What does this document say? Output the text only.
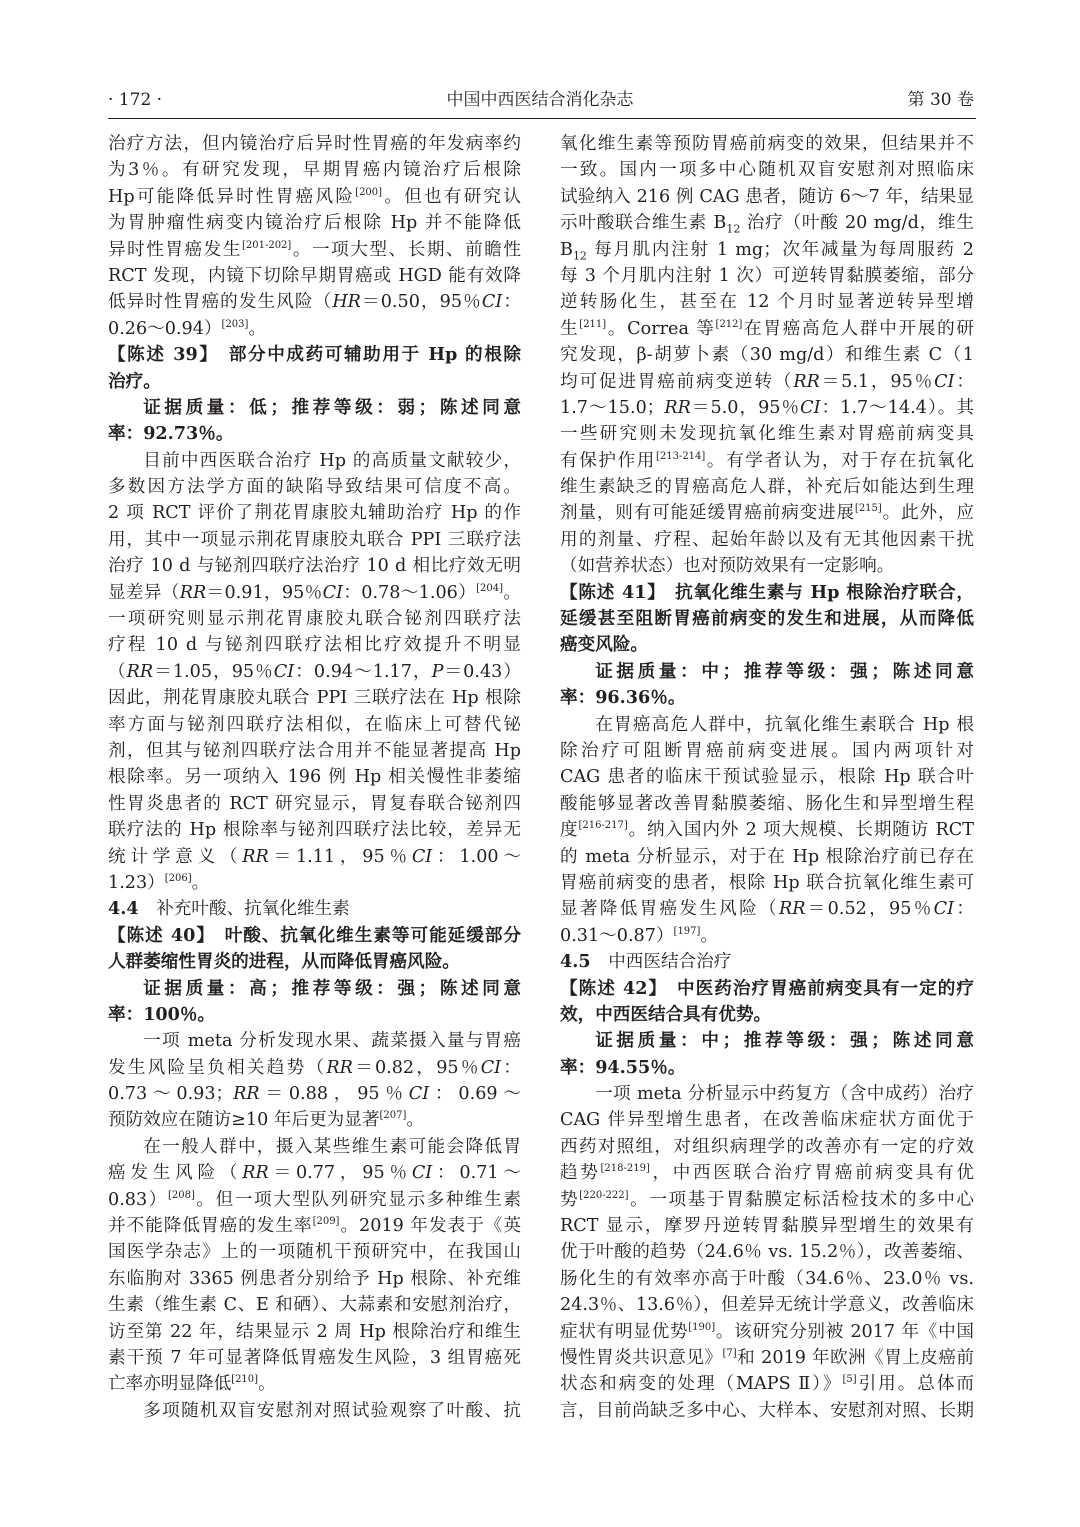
· 172 ·	中国中西医结合消化杂志	第 30 卷
治疗方法，但内镜治疗后异时性胃癌的年发病率约
为3％。有研究发现，早期胃癌内镜治疗后根除
Hp可能降低异时性胃癌风险[200]。但也有研究认
为胃肿瘤性病变内镜治疗后根除 Hp 并不能降低
异时性胃癌发生[201-202]。一项大型、长期、前瞻性
RCT 发现，内镜下切除早期胃癌或 HGD 能有效降
低异时性胃癌的发生风险（HR＝0.50，95％CI：
0.26～0.94）[203]。
【陈述 39】　部分中成药可辅助用于 Hp 的根除
治疗。
证据质量：低；推荐等级：弱；陈述同意
率：92.73％。
目前中西医联合治疗 Hp 的高质量文献较少，
多数因方法学方面的缺陷导致结果可信度不高。
2 项 RCT 评价了荆花胃康胶丸辅助治疗 Hp 的作
用，其中一项显示荆花胃康胶丸联合 PPI 三联疗法
治疗 10 d 与铋剂四联疗法治疗 10 d 相比疗效无明
显差异（RR＝0.91，95％CI：0.78～1.06）[204]。
一项研究则显示荆花胃康胶丸联合铋剂四联疗法
疗程 10 d 与铋剂四联疗法相比疗效提升不明显
（RR＝1.05，95％CI：0.94～1.17，P＝0.43）
因此，荆花胃康胶丸联合 PPI 三联疗法在 Hp 根除
率方面与铋剂四联疗法相似，在临床上可替代铋
剂，但其与铋剂四联疗法合用并不能显著提高 Hp
根除率。另一项纳入 196 例 Hp 相关慢性非萎缩
性胃炎患者的 RCT 研究显示，胃复春联合铋剂四
联疗法的 Hp 根除率与铋剂四联疗法比较，差异无
统计学意义（RR＝1.11，95％CI：1.00～
1.23）[206]。
4.4　补充叶酸、抗氧化维生素
【陈述 40】　叶酸、抗氧化维生素等可能延缓部分
人群萎缩性胃炎的进程，从而降低胃癌风险。
证据质量：高；推荐等级：强；陈述同意
率：100％。
一项 meta 分析发现水果、蔬菜摄入量与胃癌
发生风险呈负相关趋势（RR＝0.82，95％CI：
0.73～0.93；RR＝0.88，95％CI：0.69～
预防效应在随访≥10 年后更为显著[207]。
在一般人群中，摄入某些维生素可能会降低胃
癌发生风险（RR＝0.77，95％CI：0.71～
0.83）[208]。但一项大型队列研究显示多种维生素
并不能降低胃癌的发生率[209]。2019 年发表于《英
国医学杂志》上的一项随机干预研究中，在我国山
东临朐对 3365 例患者分别给予 Hp 根除、补充维
生素（维生素 C、E 和硒）、大蒜素和安慰剂治疗，
访至第 22 年，结果显示 2 周 Hp 根除治疗和维生
素干预 7 年可显著降低胃癌发生风险，3 组胃癌死
亡率亦明显降低[210]。
多项随机双盲安慰剂对照试验观察了叶酸、抗
氧化维生素等预防胃癌前病变的效果，但结果并不
一致。国内一项多中心随机双盲安慰剂对照临床
试验纳入 216 例 CAG 患者，随访 6～7 年，结果显
示叶酸联合维生素 $B_{12}$ 治疗（叶酸 20 mg/d，维生
$B_{12}$ 每月肌内注射 1 mg；次年减量为每周服药 2
每 3 个月肌内注射 1 次）可逆转胃黏膜萎缩，部分
逆转肠化生，甚至在 12 个月时显著逆转异型增
生[211]。Correa 等[212]在胃癌高危人群中开展的研
究发现，β-胡萝卜素（30 mg/d）和维生素 C（1
均可促进胃癌前病变逆转（RR＝5.1，95％CI：
1.7～15.0；RR＝5.0，95％CI：1.7～14.4）。其
一些研究则未发现抗氧化维生素对胃癌前病变具
有保护作用[213-214]。有学者认为，对于存在抗氧化
维生素缺乏的胃癌高危人群，补充后如能达到生理
剂量，则有可能延缓胃癌前病变进展[215]。此外，应
用的剂量、疗程、起始年龄以及有无其他因素干扰
（如营养状态）也对预防效果有一定影响。
【陈述 41】　抗氧化维生素与 Hp 根除治疗联合，
延缓甚至阻断胃癌前病变的发生和进展，从而降低
癌变风险。
证据质量：中；推荐等级：强；陈述同意
率：96.36％。
在胃癌高危人群中，抗氧化维生素联合 Hp 根
除治疗可阻断胃癌前病变进展。国内两项针对
CAG 患者的临床干预试验显示，根除 Hp 联合叶
酸能够显著改善胃黏膜萎缩、肠化生和异型增生程
度[216-217]。纳入国内外 2 项大规模、长期随访 RCT
的 meta 分析显示，对于在 Hp 根除治疗前已存在
胃癌前病变的患者，根除 Hp 联合抗氧化维生素可
显著降低胃癌发生风险（RR＝0.52，95％CI：
0.31～0.87）[197]。
4.5　中西医结合治疗
【陈述 42】　中医药治疗胃癌前病变具有一定的疗
效，中西医结合具有优势。
证据质量：中；推荐等级：强；陈述同意
率：94.55％。
一项 meta 分析显示中药复方（含中成药）治疗
CAG 伴异型增生患者，在改善临床症状方面优于
西药对照组，对组织病理学的改善亦有一定的疗效
趋势[218-219]，中西医联合治疗胃癌前病变具有优
势[220-222]。一项基于胃黏膜定标活检技术的多中心
RCT 显示，摩罗丹逆转胃黏膜异型增生的效果有
优于叶酸的趋势（24.6％ vs. 15.2％），改善萎缩、
肠化生的有效率亦高于叶酸（34.6％、23.0％ vs.
24.3％、13.6％），但差异无统计学意义，改善临床
症状有明显优势[190]。该研究分别被 2017 年《中国
慢性胃炎共识意见》[7]和 2019 年欧洲《胃上皮癌前
状态和病变的处理（MAPS Ⅱ）》[5]引用。总体而
言，目前尚缺乏多中心、大样本、安慰剂对照、长期
